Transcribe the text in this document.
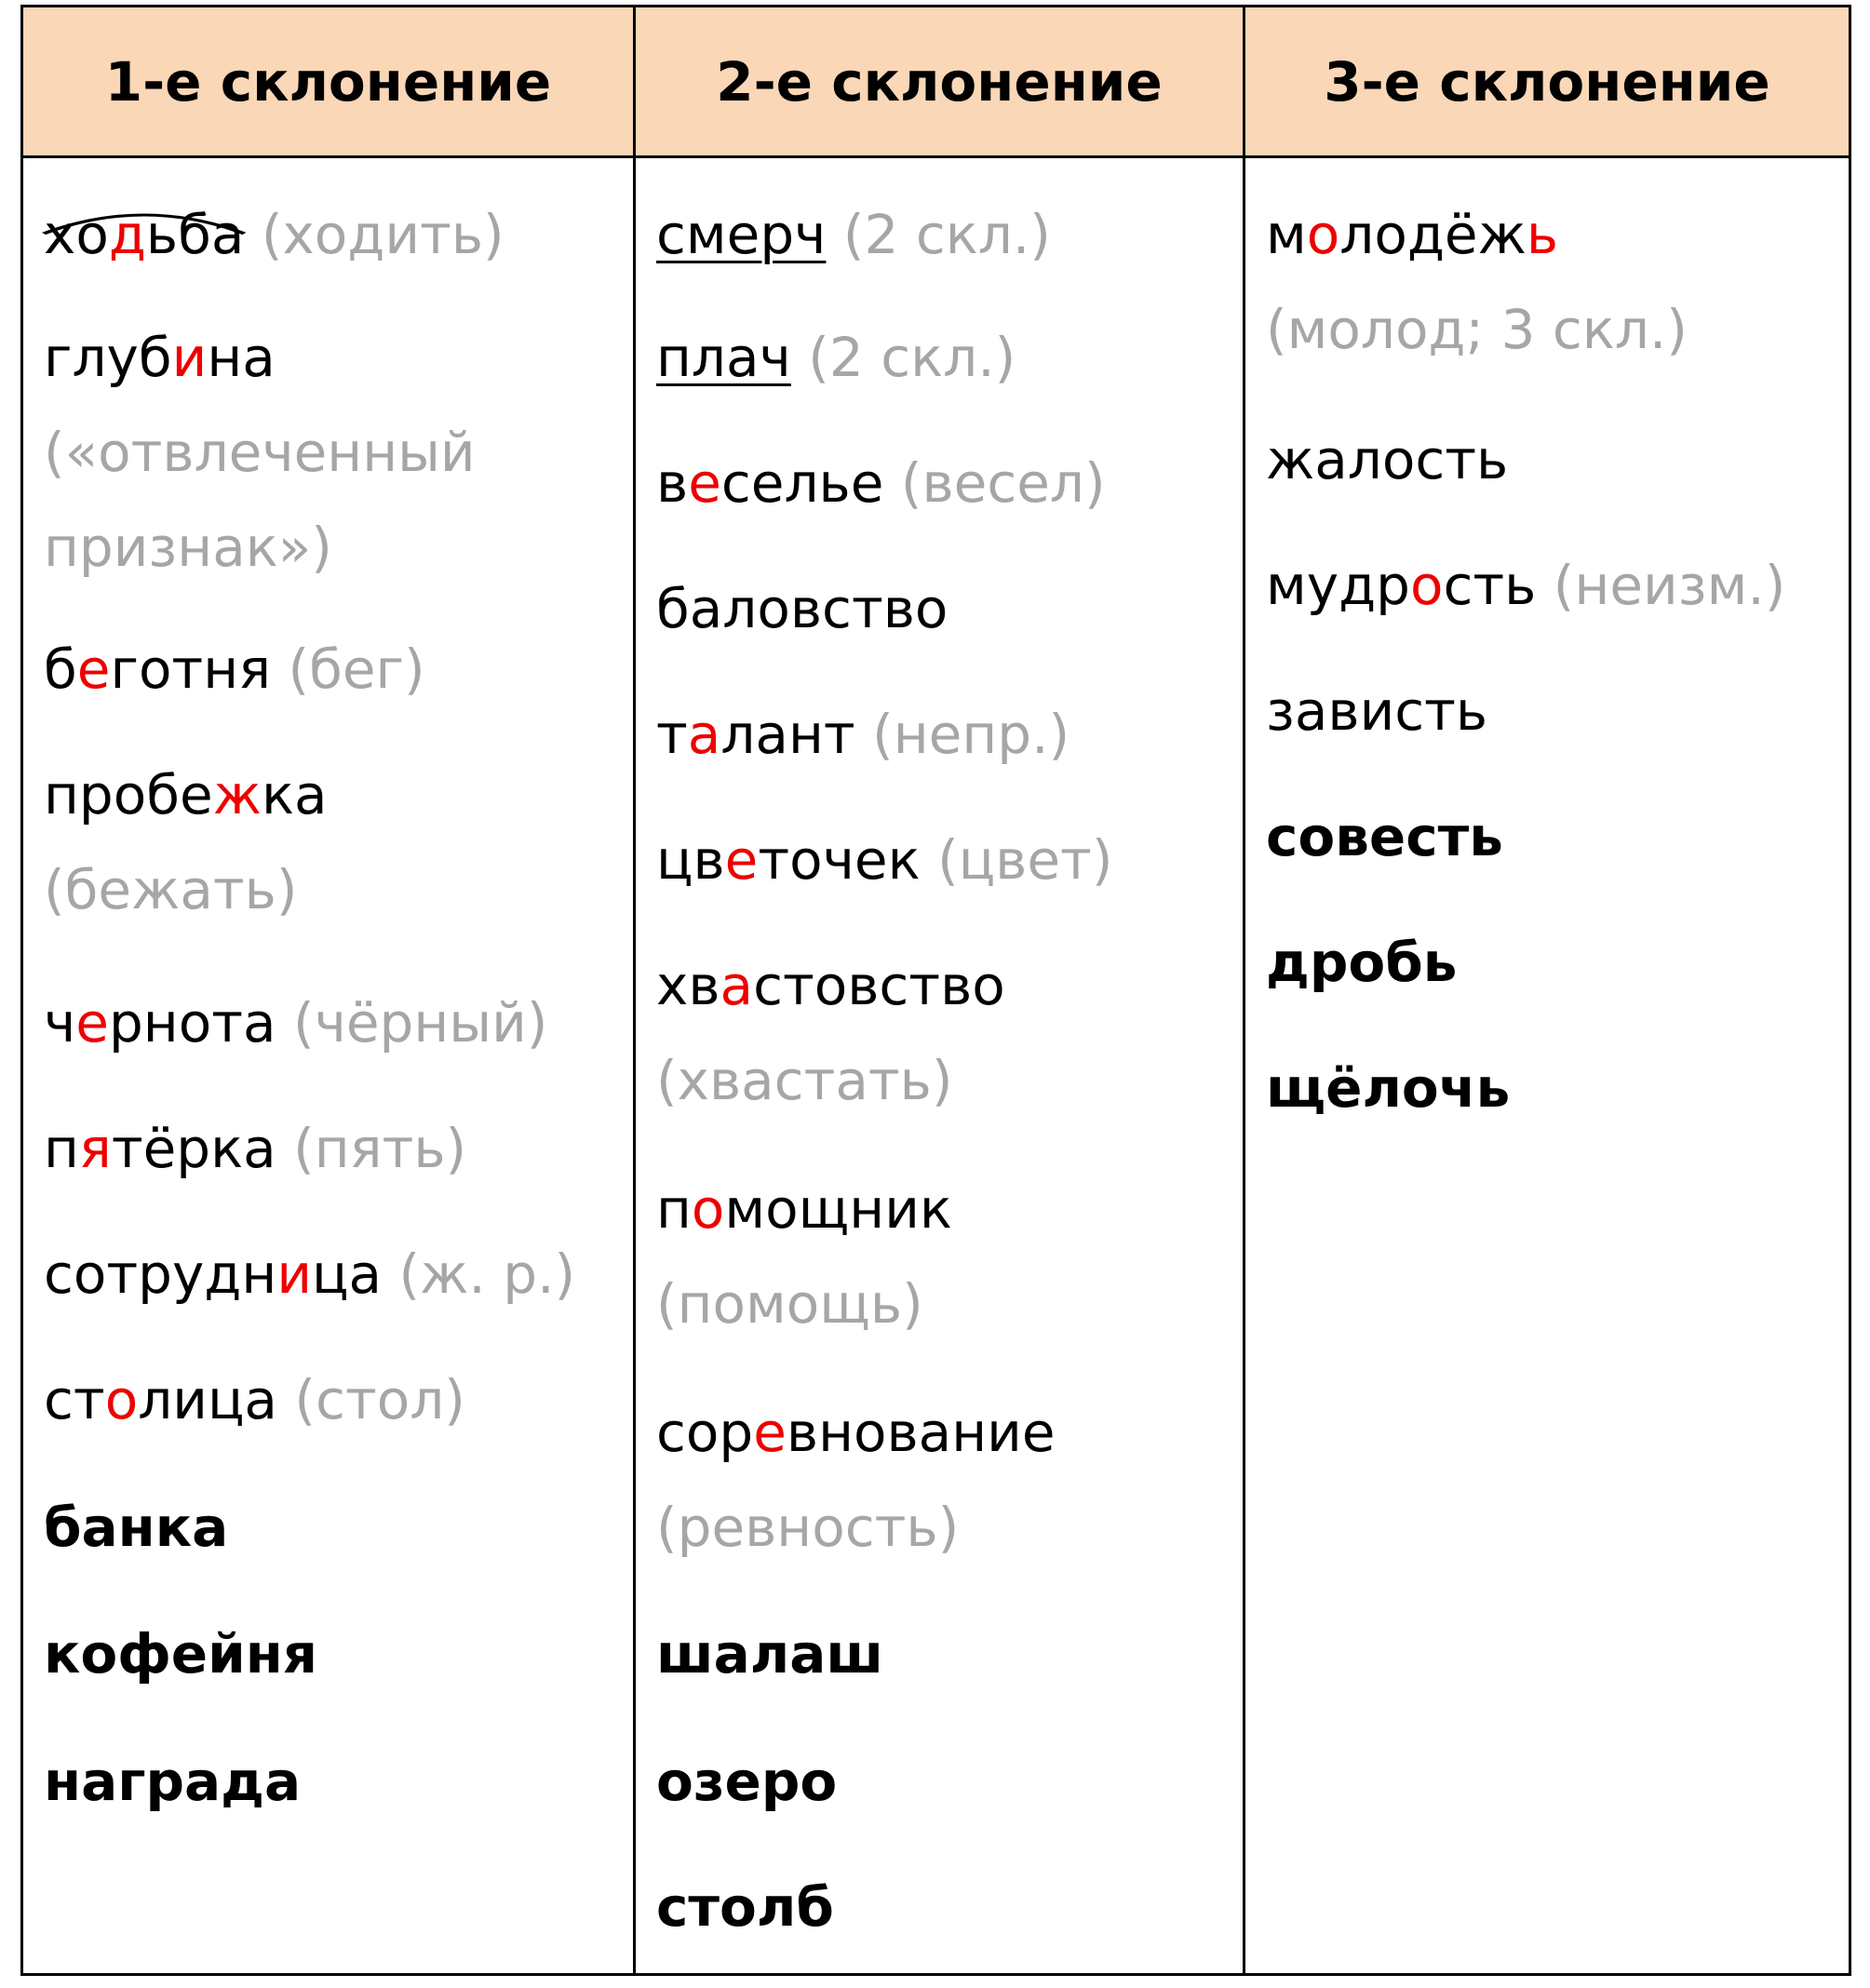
1-е склонение
ходьба (ходить)
глубина («отвлеченный признак»)
беготня (бег)
пробежка
(бежать)
чернота (чёрный)
пятёрка (пять)
сотрудница (ж. р.)
столица (стол)
банка
кофейня
награда
2-е склонение
смерч (2 скл.)
плач (2 скл.)
веселье (весел)
баловство
талант (непр.)
цветочек (цвет)
хвастовство
(хвастать)
помощник
(помощь)
соревнование
(ревность)
шалаш
озеро
столб
3-е склонение
молодёжь
(молод; 3 скл.)
жалость
мудрость (неизм.)
зависть
совесть
дробь
щёлочь
